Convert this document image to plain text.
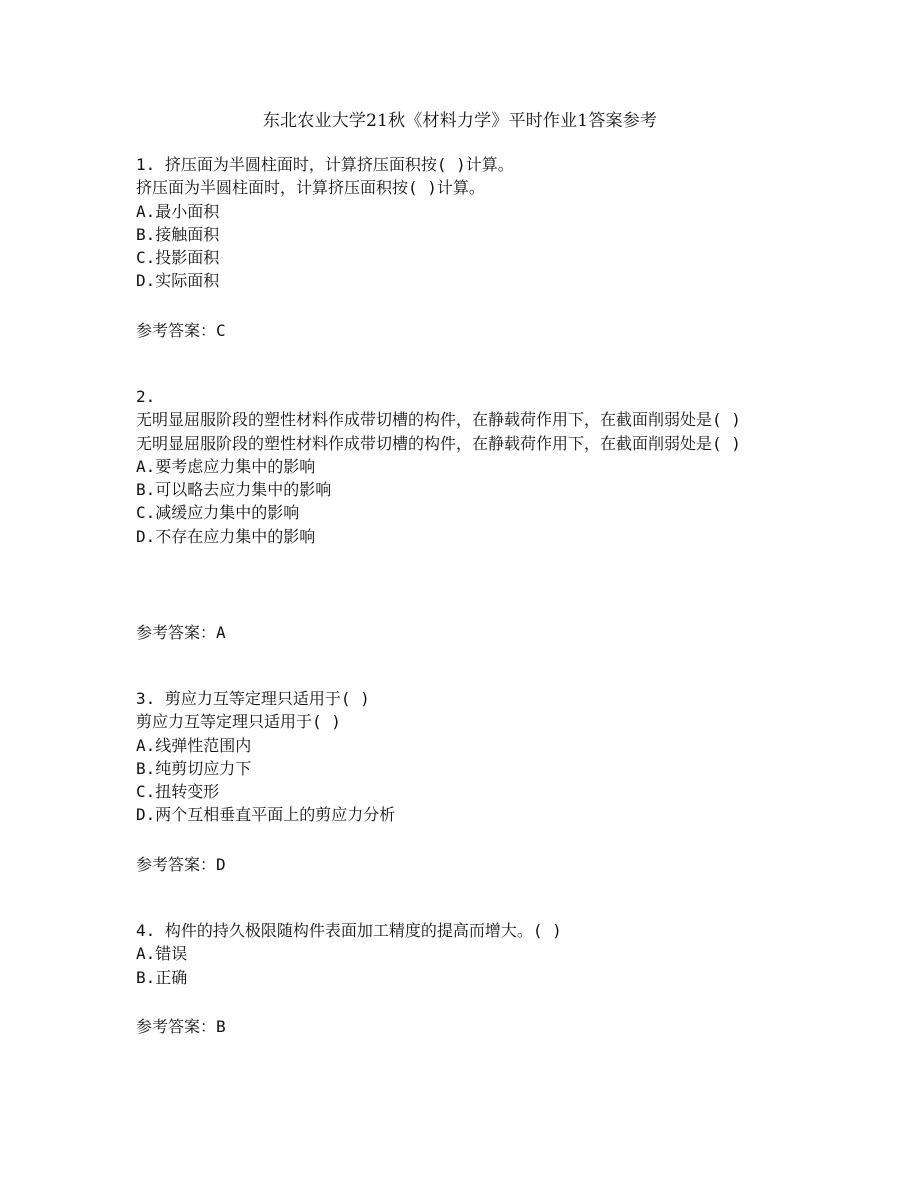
东北农业大学21秋《材料力学》平时作业1答案参考
1. 挤压面为半圆柱面时，计算挤压面积按( )计算。
挤压面为半圆柱面时，计算挤压面积按( )计算。
A.最小面积
B.接触面积
C.投影面积
D.实际面积
参考答案：C
2.
无明显屈服阶段的塑性材料作成带切槽的构件，在静载荷作用下，在截面削弱处是( )
无明显屈服阶段的塑性材料作成带切槽的构件，在静载荷作用下，在截面削弱处是( )
A.要考虑应力集中的影响
B.可以略去应力集中的影响
C.减缓应力集中的影响
D.不存在应力集中的影响
参考答案：A
3. 剪应力互等定理只适用于( )
剪应力互等定理只适用于( )
A.线弹性范围内
B.纯剪切应力下
C.扭转变形
D.两个互相垂直平面上的剪应力分析
参考答案：D
4. 构件的持久极限随构件表面加工精度的提高而增大。( )
A.错误
B.正确
参考答案：B
